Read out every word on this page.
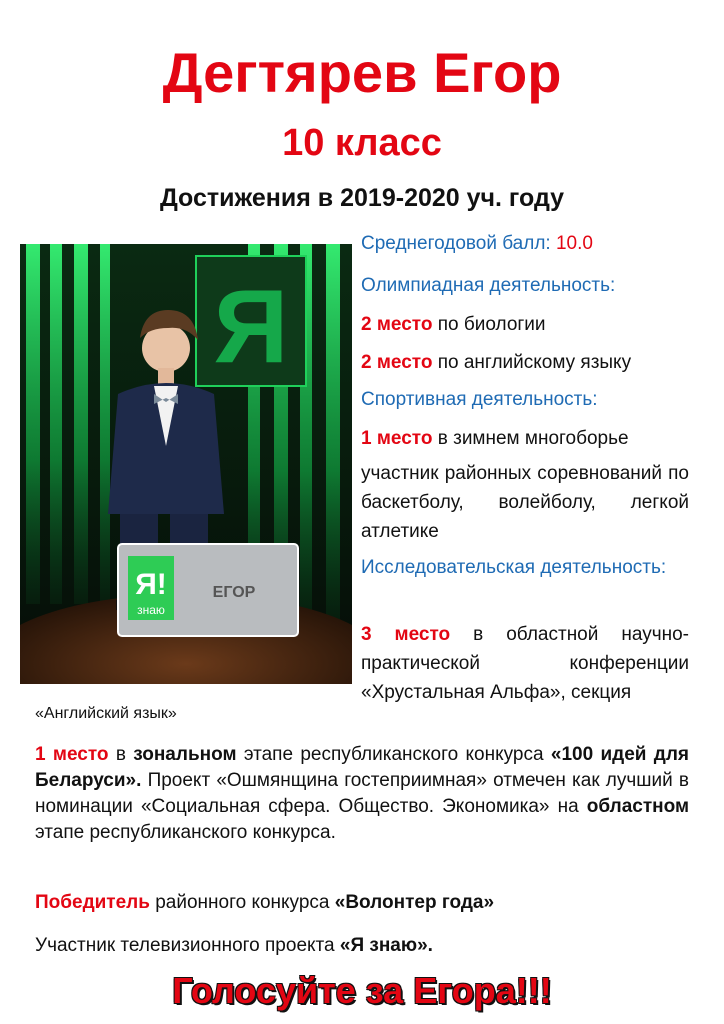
Дегтярев Егор
10 класс
Достижения в 2019-2020 уч. году
Я
Я!
знаю
ЕГОР
Среднегодовой балл: 10.0
Олимпиадная деятельность:
2 место по биологии
2 место по английскому языку
Спортивная деятельность:
1 место в зимнем многоборье
участник районных соревнований по баскетболу, волейболу, легкой атлетике
Исследовательская деятельность:
3 место в областной научно-практической конференции «Хрустальная Альфа», секция
«Английский язык»
1 место в зональном этапе республиканского конкурса «100 идей для Беларуси». Проект «Ошмянщина гостеприимная» отмечен как лучший в номинации «Социальная сфера. Общество. Экономика» на областном этапе республиканского конкурса.
Победитель районного конкурса «Волонтер года»
Участник телевизионного проекта «Я знаю».
Голосуйте за Егора!!!
